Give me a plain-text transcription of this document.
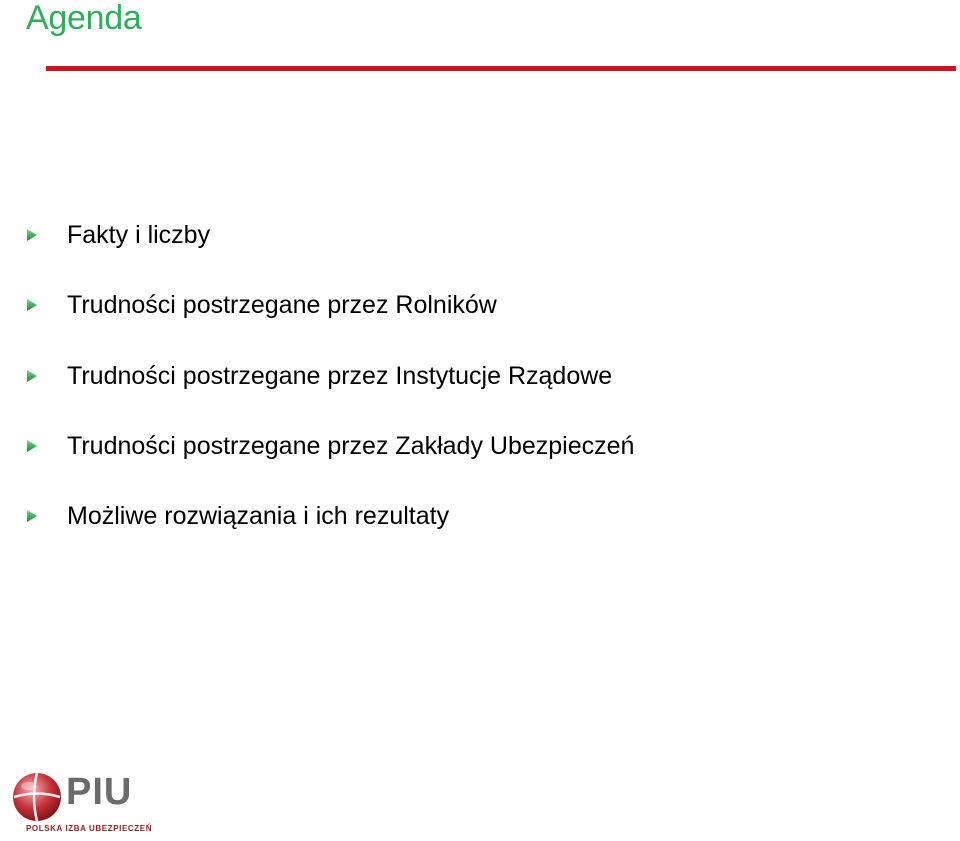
Agenda
Fakty i liczby
Trudności postrzegane przez Rolników
Trudności postrzegane przez Instytucje Rządowe
Trudności postrzegane przez Zakłady Ubezpieczeń
Możliwe rozwiązania i ich rezultaty
PIU
POLSKA IZBA UBEZPIECZEŃ
